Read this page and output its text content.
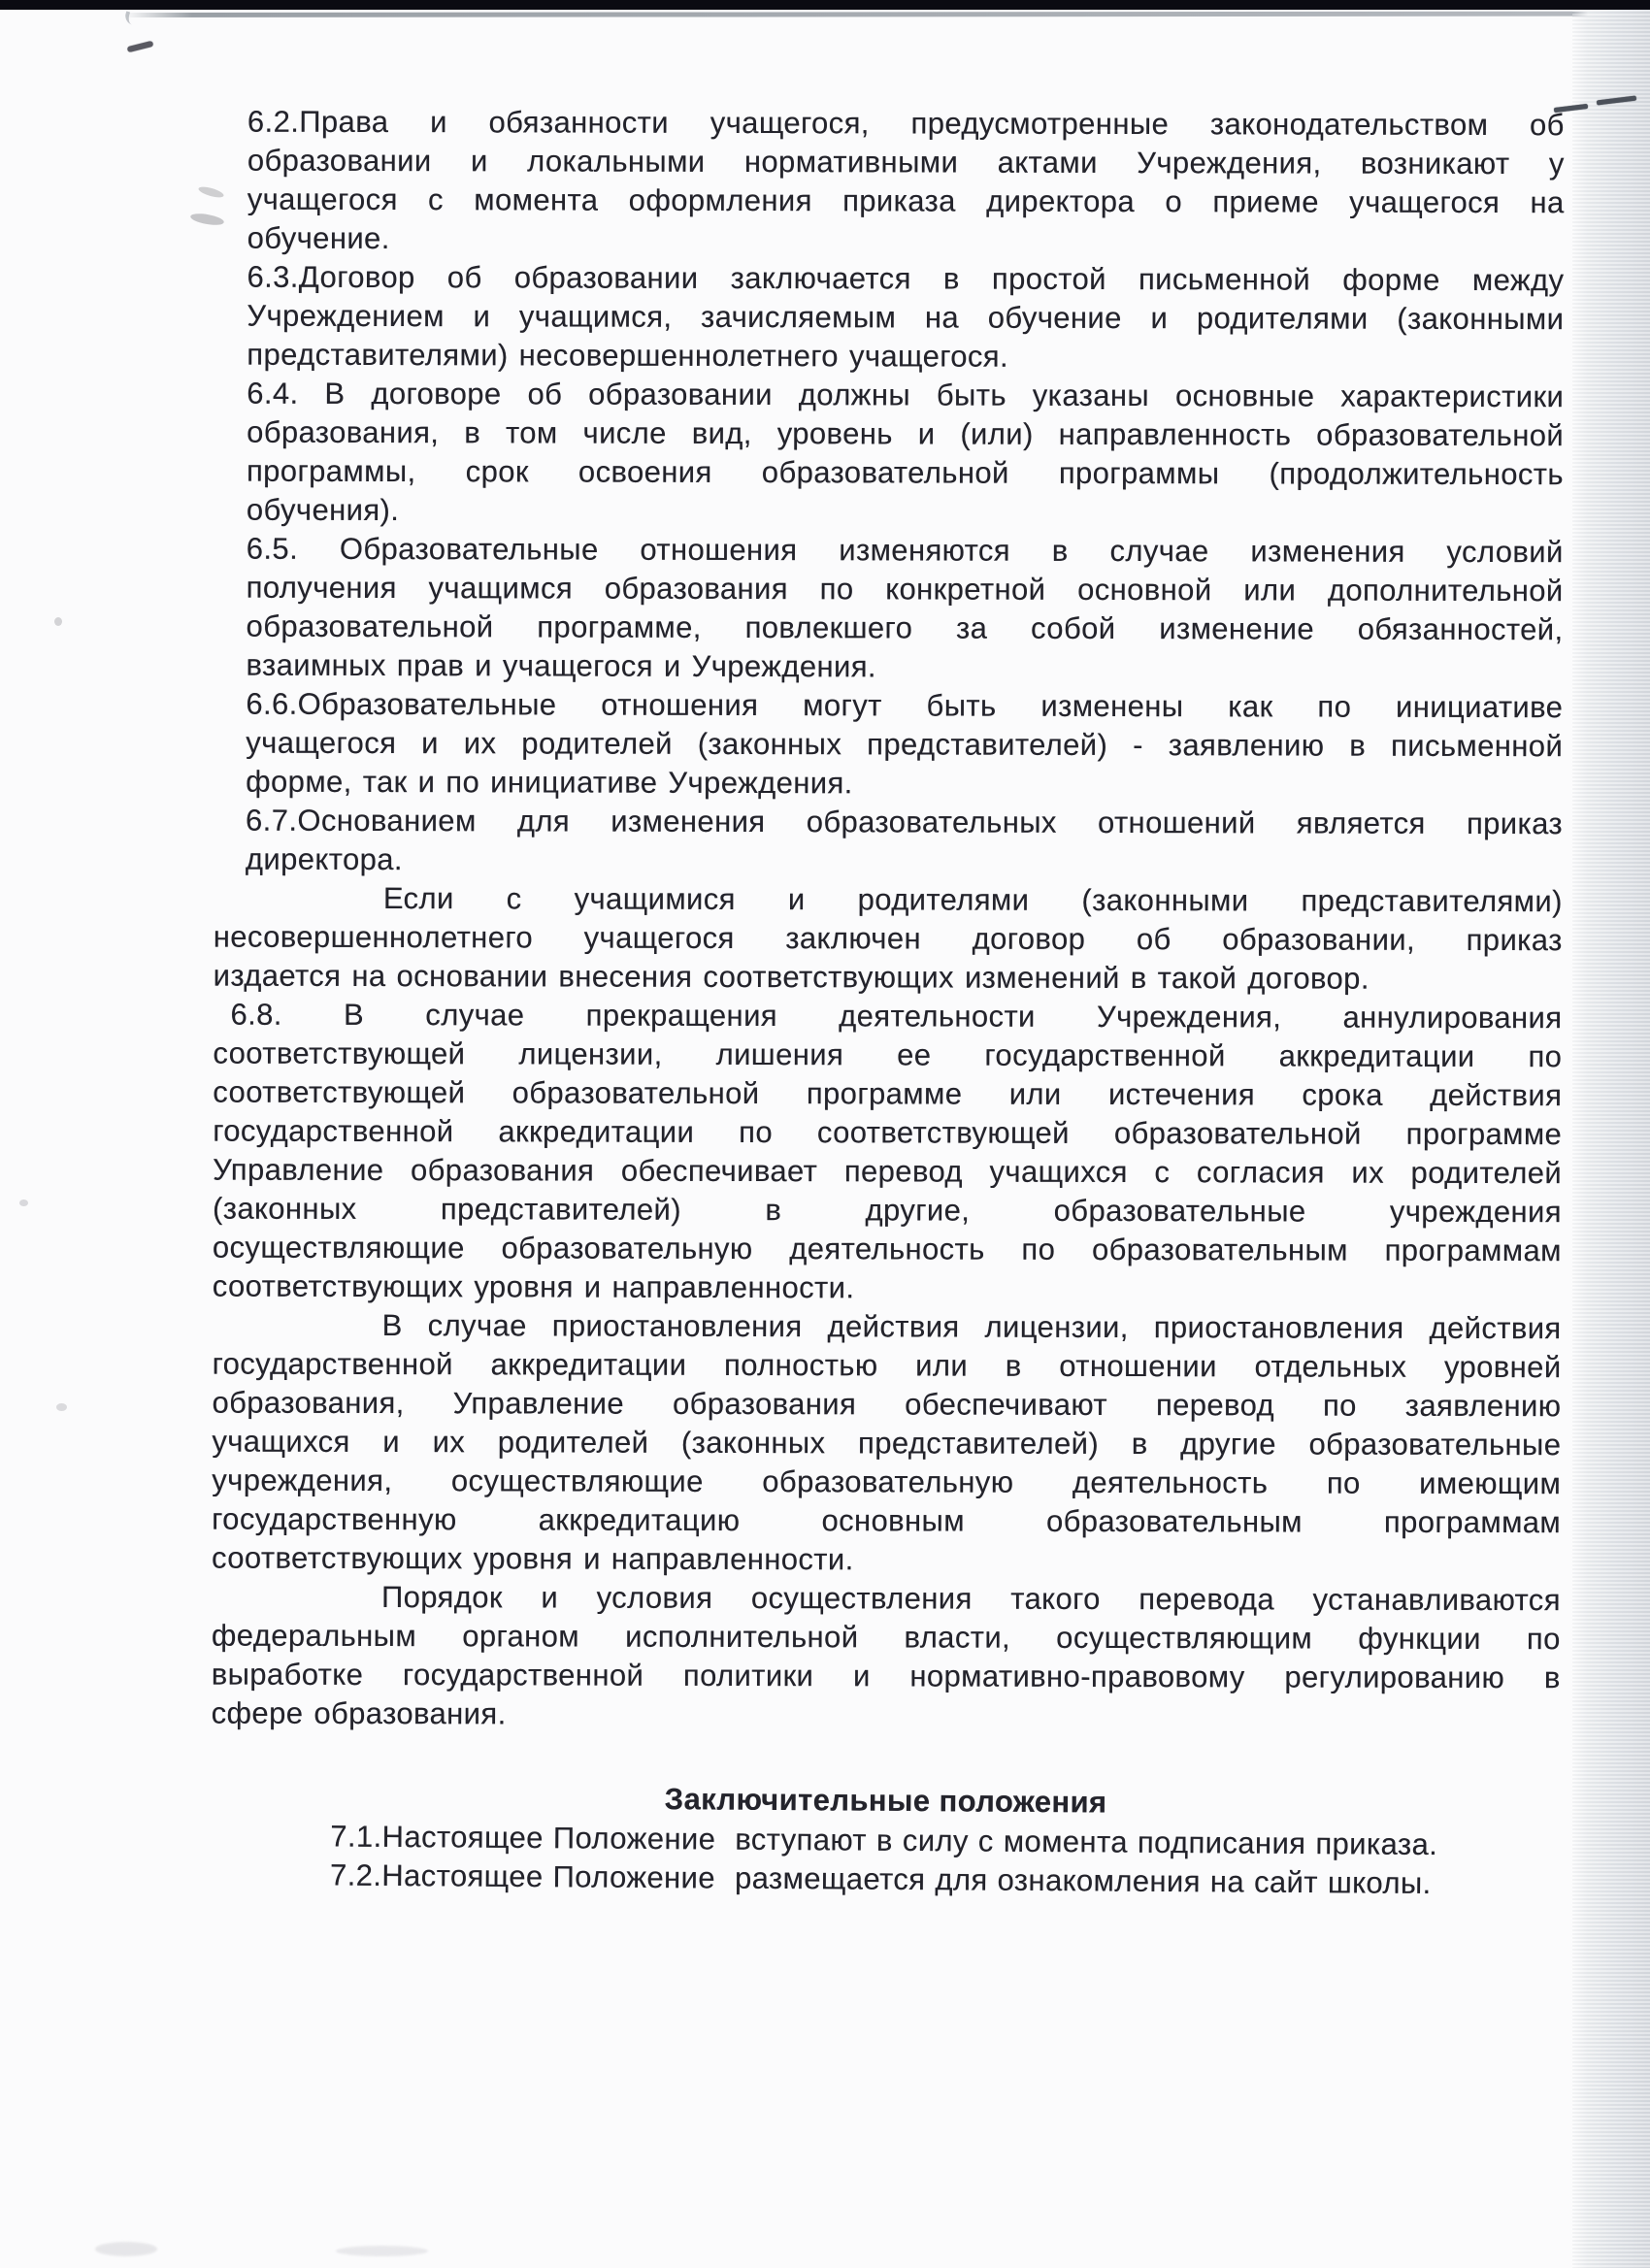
6.2.Права и обязанности учащегося, предусмотренные законодательством об
образовании и локальными нормативными актами Учреждения, возникают у
учащегося с момента оформления приказа директора о приеме учащегося на
обучение.
6.3.Договор об образовании заключается в простой письменной форме между
Учреждением и учащимся, зачисляемым на обучение и родителями (законными
представителями) несовершеннолетнего учащегося.
6.4. В договоре об образовании должны быть указаны основные характеристики
образования, в том числе вид, уровень и (или) направленность образовательной
программы, срок освоения образовательной программы (продолжительность
обучения).
6.5. Образовательные отношения изменяются в случае изменения условий
получения учащимся образования по конкретной основной или дополнительной
образовательной программе, повлекшего за собой изменение обязанностей,
взаимных прав и учащегося и Учреждения.
6.6.Образовательные отношения могут быть изменены как по инициативе
учащегося и их родителей (законных представителей) - заявлению в письменной
форме, так и по инициативе Учреждения.
6.7.Основанием для изменения образовательных отношений является приказ
директора.
Если с учащимися и родителями (законными представителями)
несовершеннолетнего учащегося заключен договор об образовании, приказ
издается на основании внесения соответствующих изменений в такой договор.
6.8. В случае прекращения деятельности Учреждения, аннулирования
соответствующей лицензии, лишения ее государственной аккредитации по
соответствующей образовательной программе или истечения срока действия
государственной аккредитации по соответствующей образовательной программе
Управление образования обеспечивает перевод учащихся с согласия их родителей
(законных	представителей)	в	другие,	образовательные	учреждения
осуществляющие образовательную деятельность по образовательным программам
соответствующих уровня и направленности.
В случае приостановления действия лицензии, приостановления действия
государственной аккредитации полностью или в отношении отдельных уровней
образования, Управление образования обеспечивают перевод по заявлению
учащихся и их родителей (законных представителей) в другие образовательные
учреждения, осуществляющие образовательную деятельность по имеющим
государственную	аккредитацию	основным	образовательным	программам
соответствующих уровня и направленности.
Порядок и условия осуществления такого перевода устанавливаются
федеральным органом исполнительной власти, осуществляющим функции по
выработке государственной политики и нормативно-правовому регулированию в
сфере образования.
Заключительные положения
7.1.Настоящее Положение  вступают в силу с момента подписания приказа.
7.2.Настоящее Положение  размещается для ознакомления на сайт школы.
